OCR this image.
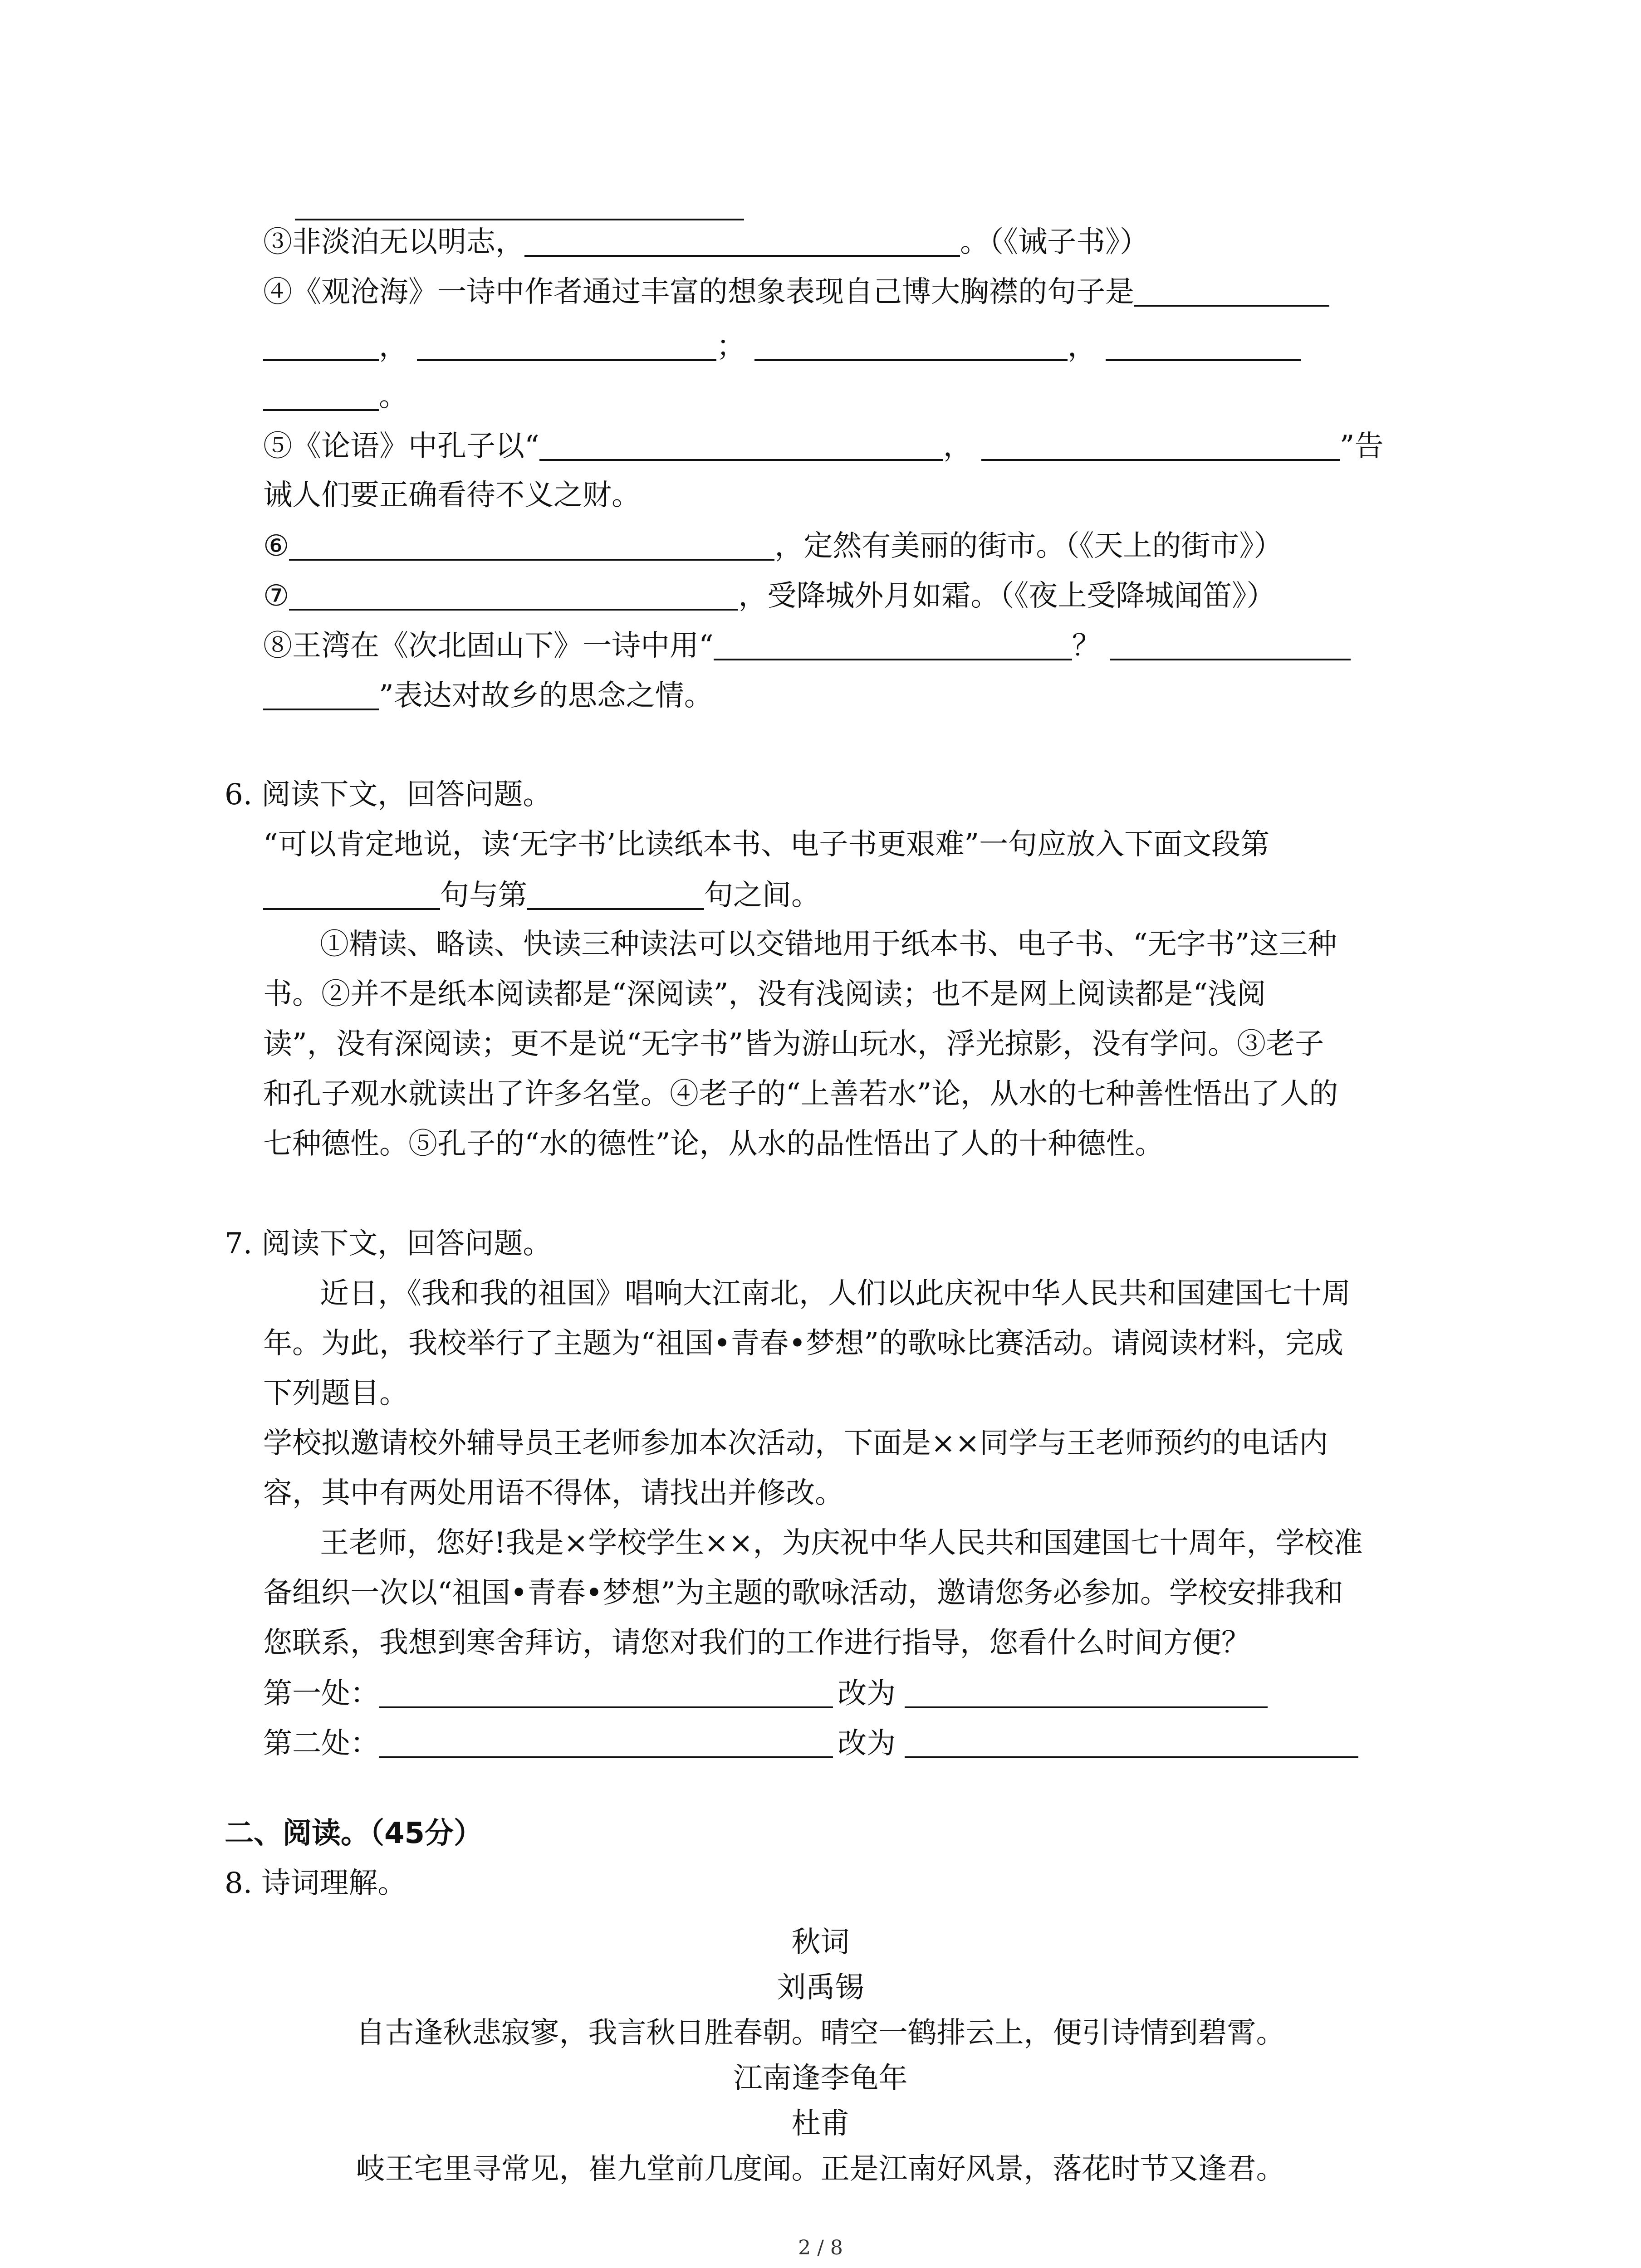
③非淡泊无以明志，	。（《诫子书》）
④《观沧海》一诗中作者通过丰富的想象表现自己博大胸襟的句子是
，	；	，
。
⑤《论语》中孔子以“	，	”告
诫人们要正确看待不义之财。
⑥	，定然有美丽的街市。（《天上的街市》）
⑦	，受降城外月如霜。（《夜上受降城闻笛》）
⑧王湾在《次北固山下》一诗中用“	？
”表达对故乡的思念之情。
6. 阅读下文，回答问题。
“可以肯定地说，读‘无字书’比读纸本书、电子书更艰难”一句应放入下面文段第
句与第	句之间。
①精读、略读、快读三种读法可以交错地用于纸本书、电子书、“无字书”这三种
书。②并不是纸本阅读都是“深阅读”，没有浅阅读；也不是网上阅读都是“浅阅
读”，没有深阅读；更不是说“无字书”皆为游山玩水，浮光掠影，没有学问。③老子
和孔子观水就读出了许多名堂。④老子的“上善若水”论，从水的七种善性悟出了人的
七种德性。⑤孔子的“水的德性”论，从水的品性悟出了人的十种德性。
7. 阅读下文，回答问题。
近日，《我和我的祖国》唱响大江南北，人们以此庆祝中华人民共和国建国七十周
年。为此，我校举行了主题为“祖国•青春•梦想”的歌咏比赛活动。请阅读材料，完成
下列题目。
学校拟邀请校外辅导员王老师参加本次活动，下面是××同学与王老师预约的电话内
容，其中有两处用语不得体，请找出并修改。
王老师，您好!我是×学校学生××，为庆祝中华人民共和国建国七十周年，学校准
备组织一次以“祖国•青春•梦想”为主题的歌咏活动，邀请您务必参加。学校安排我和
您联系，我想到寒舍拜访，请您对我们的工作进行指导，您看什么时间方便？
第一处：	改为
第二处：	改为
二、阅读。（45分）
8. 诗词理解。
秋词
刘禹锡
自古逢秋悲寂寥，我言秋日胜春朝。晴空一鹤排云上，便引诗情到碧霄。
江南逢李龟年
杜甫
岐王宅里寻常见，崔九堂前几度闻。正是江南好风景，落花时节又逢君。
2 / 8
